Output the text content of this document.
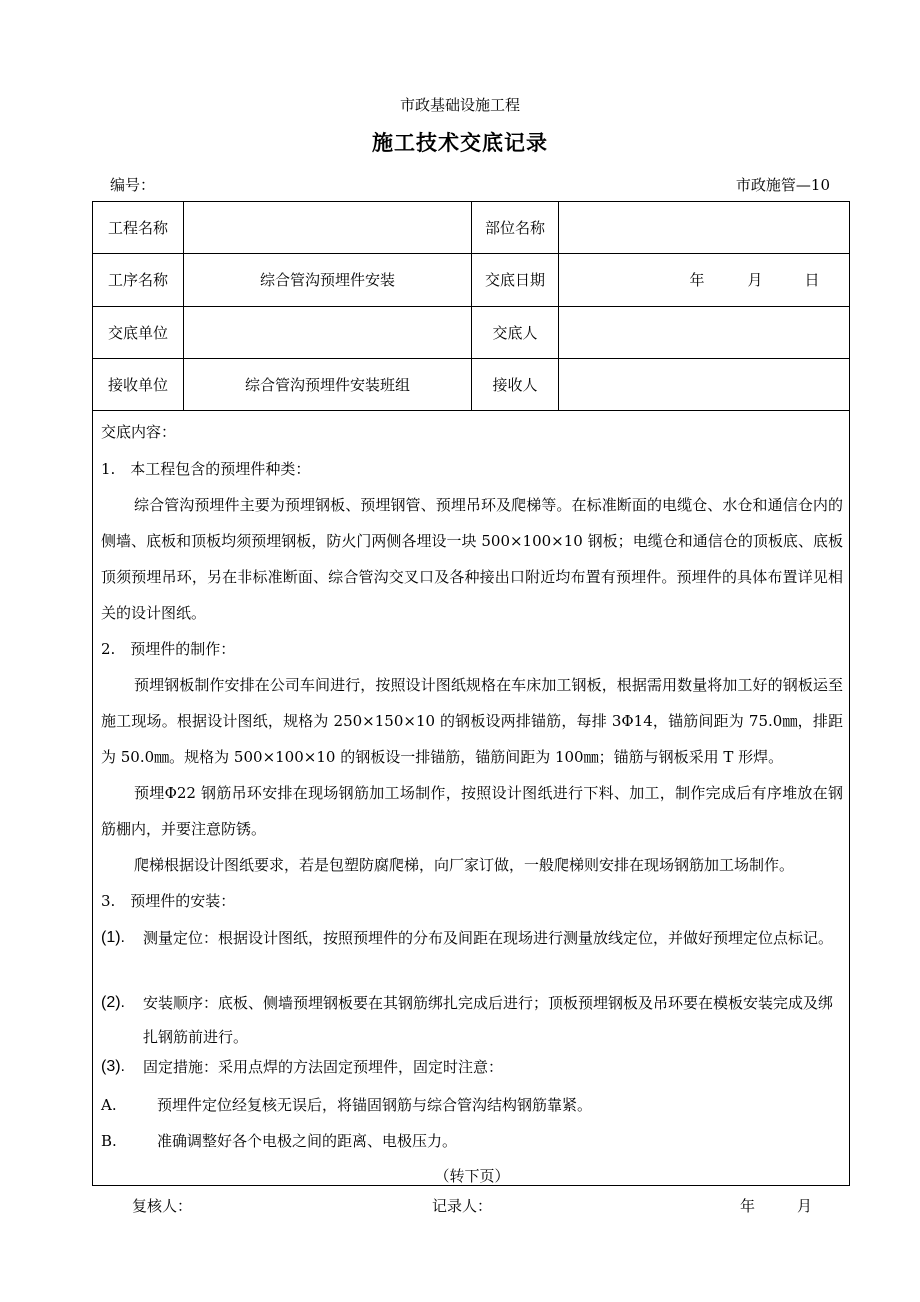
市政基础设施工程
施工技术交底记录
编号：	市政施管—10
工程名称	部位名称
工序名称	综合管沟预埋件安装	交底日期	年	月	日
交底单位	交底人
接收单位	综合管沟预埋件安装班组	接收人
交底内容：
1.　本工程包含的预埋件种类：
综合管沟预埋件主要为预埋钢板、预埋钢管、预埋吊环及爬梯等。在标准断面的电缆仓、水仓和通信仓内的侧墙、底板和顶板均须预埋钢板，防火门两侧各埋设一块 500×100×10 钢板；电缆仓和通信仓的顶板底、底板顶须预埋吊环，另在非标准断面、综合管沟交叉口及各种接出口附近均布置有预埋件。预埋件的具体布置详见相关的设计图纸。
2.　预埋件的制作：
预埋钢板制作安排在公司车间进行，按照设计图纸规格在车床加工钢板，根据需用数量将加工好的钢板运至施工现场。根据设计图纸，规格为 250×150×10 的钢板设两排锚筋，每排 3Φ14，锚筋间距为 75.0㎜，排距为 50.0㎜。规格为 500×100×10 的钢板设一排锚筋，锚筋间距为 100㎜；锚筋与钢板采用 T 形焊。
预埋Φ22 钢筋吊环安排在现场钢筋加工场制作，按照设计图纸进行下料、加工，制作完成后有序堆放在钢筋棚内，并要注意防锈。
爬梯根据设计图纸要求，若是包塑防腐爬梯，向厂家订做，一般爬梯则安排在现场钢筋加工场制作。
3.　预埋件的安装：
(1). 测量定位：根据设计图纸，按照预埋件的分布及间距在现场进行测量放线定位，并做好预埋定位点标记。
(2). 安装顺序：底板、侧墙预埋钢板要在其钢筋绑扎完成后进行；顶板预埋钢板及吊环要在模板安装完成及绑扎钢筋前进行。
(3). 固定措施：采用点焊的方法固定预埋件，固定时注意：
A.	预埋件定位经复核无误后，将锚固钢筋与综合管沟结构钢筋靠紧。
B.	准确调整好各个电极之间的距离、电极压力。
（转下页）
复核人：	记录人：	年	月
